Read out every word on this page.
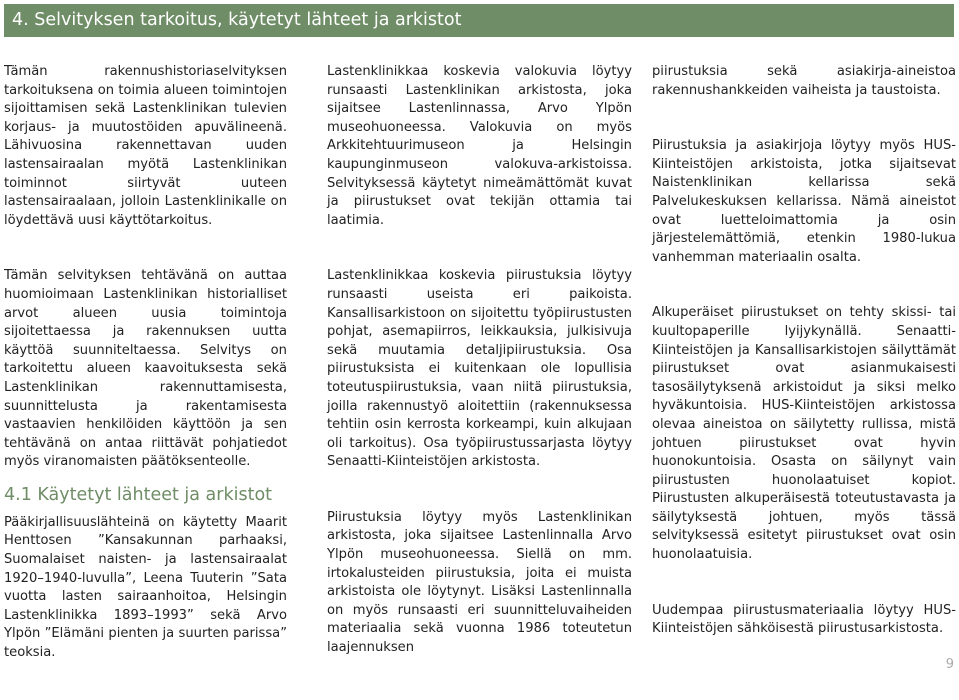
4. Selvityksen tarkoitus, käytetyt lähteet ja arkistot

Tämän rakennushistoriaselvityksen tarkoituksena on toimia alueen toimintojen sijoittamisen sekä Lastenklinikan tulevien korjaus- ja muutostöiden apuvälineenä. Lähivuosina rakennettavan uuden lastensairaalan myötä Lastenklinikan toiminnot siirtyvät uuteen lastensairaalaan, jolloin Lastenklinikalle on löydettävä uusi käyttötarkoitus.

Tämän selvityksen tehtävänä on auttaa huomioimaan Lastenklinikan historialliset arvot alueen uusia toimintoja sijoitettaessa ja rakennuksen uutta käyttöä suunniteltaessa. Selvitys on tarkoitettu alueen kaavoituksesta sekä Lastenklinikan rakennuttamisesta, suunnittelusta ja rakentamisesta vastaavien henkilöiden käyttöön ja sen tehtävänä on antaa riittävät pohjatiedot myös viranomaisten päätöksenteolle.

4.1 Käytetyt lähteet ja arkistot

Pääkirjallisuuslähteinä on käytetty Maarit Henttosen ”Kansakunnan parhaaksi, Suomalaiset naisten- ja lastensairaalat 1920–1940-luvulla”, Leena Tuuterin ”Sata vuotta lasten sairaanhoitoa, Helsingin Lastenklinikka 1893–1993” sekä Arvo Ylpön ”Elämäni pienten ja suurten parissa” teoksia.

Lastenklinikkaa koskevia valokuvia löytyy runsaasti Lastenklinikan arkistosta, joka sijaitsee Lastenlinnassa, Arvo Ylpön museohuoneessa. Valokuvia on myös Arkkitehtuurimuseon ja Helsingin kaupunginmuseon valokuva-arkistoissa. Selvityksessä käytetyt nimeämättömät kuvat ja piirustukset ovat tekijän ottamia tai laatimia.

Lastenklinikkaa koskevia piirustuksia löytyy runsaasti useista eri paikoista. Kansallisarkistoon on sijoitettu työpiirustusten pohjat, asemapiirros, leikkauksia, julkisivuja sekä muutamia detaljipiirustuksia. Osa piirustuksista ei kuitenkaan ole lopullisia toteutuspiirustuksia, vaan niitä piirustuksia, joilla rakennustyö aloitettiin (rakennuksessa tehtiin osin kerrosta korkeampi, kuin alkujaan oli tarkoitus). Osa työpiirustussarjasta löytyy Senaatti-Kiinteistöjen arkistosta.

Piirustuksia löytyy myös Lastenklinikan arkistosta, joka sijaitsee Lastenlinnalla Arvo Ylpön museohuoneessa. Siellä on mm. irtokalusteiden piirustuksia, joita ei muista arkistoista ole löytynyt. Lisäksi Lastenlinnalla on myös runsaasti eri suunnitteluvaiheiden materiaalia sekä vuonna 1986 toteutetun laajennuksen

piirustuksia sekä asiakirja-aineistoa rakennushankkeiden vaiheista ja taustoista.

Piirustuksia ja asiakirjoja löytyy myös HUS-Kiinteistöjen arkistoista, jotka sijaitsevat Naistenklinikan kellarissa sekä Palvelukeskuksen kellarissa. Nämä aineistot ovat luetteloimattomia ja osin järjestelemättömiä, etenkin 1980-lukua vanhemman materiaalin osalta.

Alkuperäiset piirustukset on tehty skissi- tai kuultopaperille lyijykynällä. Senaatti-Kiinteistöjen ja Kansallisarkistojen säilyttämät piirustukset ovat asianmukaisesti tasosäilytyksenä arkistoidut ja siksi melko hyväkuntoisia. HUS-Kiinteistöjen arkistossa olevaa aineistoa on säilytetty rullissa, mistä johtuen piirustukset ovat hyvin huonokuntoisia. Osasta on säilynyt vain piirustusten huonolaatuiset kopiot. Piirustusten alkuperäisestä toteutustavasta ja säilytyksestä johtuen, myös tässä selvityksessä esitetyt piirustukset ovat osin huonolaatuisia.

Uudempaa piirustusmateriaalia löytyy HUS-Kiinteistöjen sähköisestä piirustusarkistosta.

9
